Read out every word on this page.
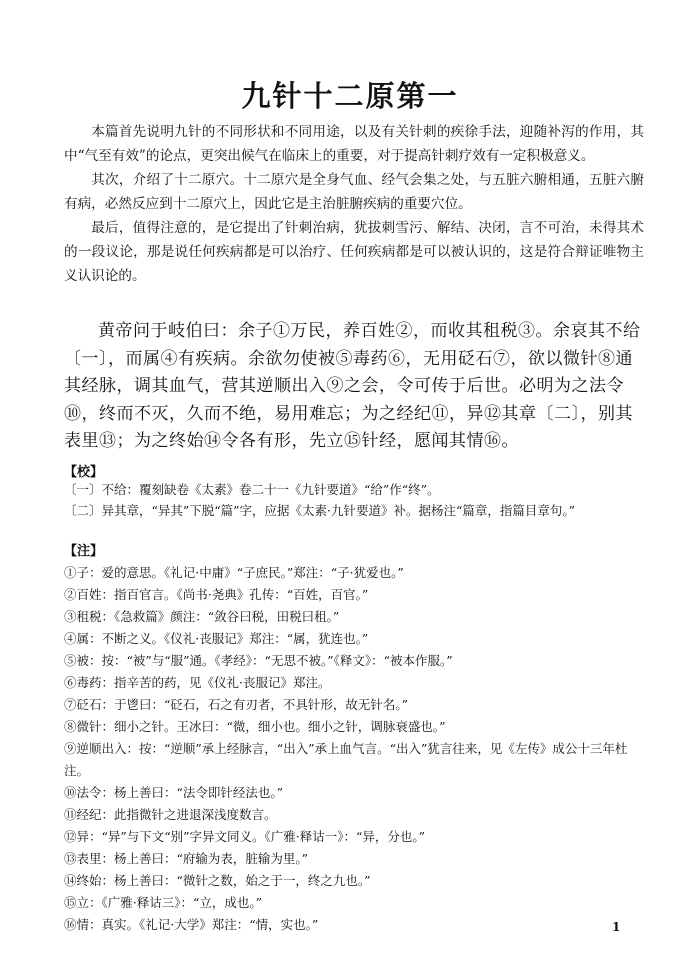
九针十二原第一

本篇首先说明九针的不同形状和不同用途，以及有关针刺的疾徐手法，迎随补泻的作用，其中“气至有效”的论点，更突出候气在临床上的重要，对于提高针刺疗效有一定积极意义。

其次，介绍了十二原穴。十二原穴是全身气血、经气会集之处，与五脏六腑相通，五脏六腑有病，必然反应到十二原穴上，因此它是主治脏腑疾病的重要穴位。

最后，值得注意的，是它提出了针刺治病，犹拔刺雪污、解结、决闭，言不可治，未得其术的一段议论，那是说任何疾病都是可以治疗、任何疾病都是可以被认识的，这是符合辩证唯物主义认识论的。

黄帝问于岐伯曰：余子①万民，养百姓②，而收其租税③。余哀其不给〔一〕，而属④有疾病。余欲勿使被⑤毒药⑥，无用砭石⑦，欲以微针⑧通其经脉，调其血气，营其逆顺出入⑨之会，令可传于后世。必明为之法令⑩，终而不灭，久而不绝，易用难忘；为之经纪⑪，异⑫其章〔二〕，别其表里⑬；为之终始⑭令各有形，先立⑮针经，愿闻其情⑯。

【校】
〔一〕不给：覆刻缺卷《太素》卷二十一《九针要道》“给”作“终”。
〔二〕异其章，“异其”下脱“篇”字，应据《太素·九针要道》补。据杨注“篇章，指篇目章句。”
【注】
①子：爱的意思。《礼记·中庸》“子庶民。”郑注：“子·犹爱也。”
②百姓：指百官言。《尚书·尧典》孔传：“百姓，百官。”
③租税：《急救篇》颜注：“敛谷曰税，田税曰租。”
④属：不断之义。《仪礼·丧服记》郑注：“属，犹连也。”
⑤被：按：“被”与“服”通。《孝经》：“无思不被。”《释文》：“被本作服。”
⑥毒药：指辛苦的药，见《仪礼·丧服记》郑注。
⑦砭石：于鬯曰：“砭石，石之有刃者，不具针形，故无针名。”
⑧微针：细小之针。王冰曰：“微，细小也。细小之针，调脉衰盛也。”
⑨逆顺出入：按：“逆顺”承上经脉言，“出入”承上血气言。“出入”犹言往来，见《左传》成公十三年杜注。
⑩法令：杨上善曰：“法令即针经法也。”
⑪经纪：此指微针之进退深浅度数言。
⑫异：“异”与下文“别”字异文同义。《广雅·释诂一》：“异，分也。”
⑬表里：杨上善曰：“府输为表，脏输为里。”
⑭终始：杨上善曰：“微针之数，始之于一，终之九也。”
⑮立：《广雅·释诂三》：“立，成也。”
⑯情：真实。《礼记·大学》郑注：“情，实也。”	1
